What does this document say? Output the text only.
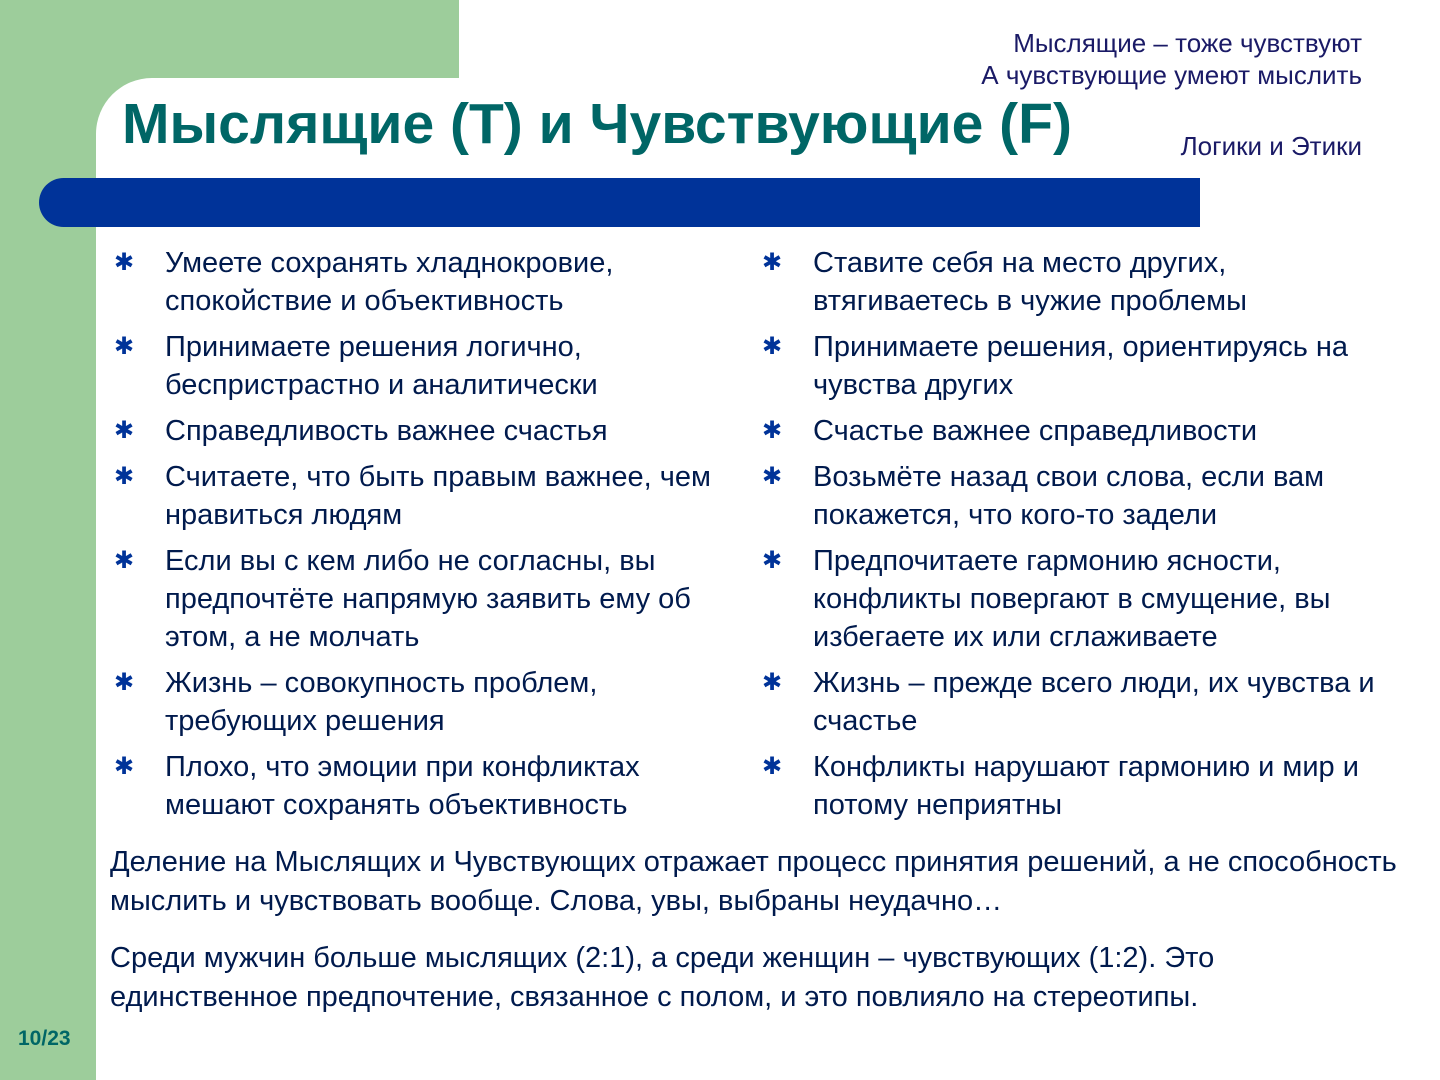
Мыслящие (T) и Чувствующие (F)
Мыслящие – тоже чувствуют
А чувствующие умеют мыслить
Логики и Этики
✱ Умеете сохранять хладнокровие, спокойствие и объективность
✱ Принимаете решения логично, беспристрастно и аналитически
✱ Справедливость важнее счастья
✱ Считаете, что быть правым важнее, чем нравиться людям
✱ Если вы с кем либо не согласны, вы предпочтёте напрямую заявить ему об этом, а не молчать
✱ Жизнь – совокупность проблем, требующих решения
✱ Плохо, что эмоции при конфликтах мешают сохранять объективность
✱ Ставите себя на место других, втягиваетесь в чужие проблемы
✱ Принимаете решения, ориентируясь на чувства других
✱ Счастье важнее справедливости
✱ Возьмёте назад свои слова, если вам покажется, что кого-то задели
✱ Предпочитаете гармонию ясности, конфликты повергают в смущение, вы избегаете их или сглаживаете
✱ Жизнь – прежде всего люди, их чувства и счастье
✱ Конфликты нарушают гармонию и мир и потому неприятны

Деление на Мыслящих и Чувствующих отражает процесс принятия решений, а не способность мыслить и чувствовать вообще. Слова, увы, выбраны неудачно…

Среди мужчин больше мыслящих (2:1), а среди женщин – чувствующих (1:2). Это единственное предпочтение, связанное с полом, и это повлияло на стереотипы.

10/23
